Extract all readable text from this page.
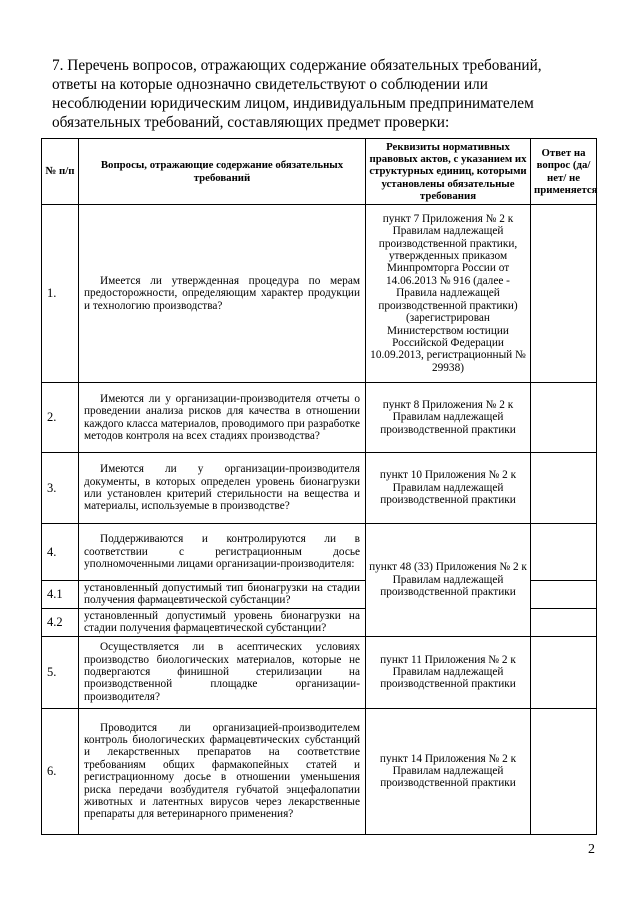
7. Перечень вопросов, отражающих содержание обязательных требований,
ответы на которые однозначно свидетельствуют о соблюдении или
несоблюдении юридическим лицом, индивидуальным предпринимателем
обязательных требований, составляющих предмет проверки:
№ п/п	Вопросы, отражающие содержание обязательных требований	Реквизиты нормативных правовых актов, с указанием их структурных единиц, которыми установлены обязательные требования	Ответ на вопрос (да/нет/ не применяется
1.	Имеется ли утвержденная процедура по мерам предосторожности, определяющим характер продукции и технологию производства?	пункт 7 Приложения № 2 к Правилам надлежащей производственной практики, утвержденных приказом Минпромторга России от 14.06.2013 № 916 (далее - Правила надлежащей производственной практики) (зарегистрирован Министерством юстиции Российской Федерации 10.09.2013, регистрационный № 29938)	
2.	Имеются ли у организации-производителя отчеты о проведении анализа рисков для качества в отношении каждого класса материалов, проводимого при разработке методов контроля на всех стадиях производства?	пункт 8 Приложения № 2 к Правилам надлежащей производственной практики	
3.	Имеются ли у организации-производителя документы, в которых определен уровень бионагрузки или установлен критерий стерильности на вещества и материалы, используемые в производстве?	пункт 10 Приложения № 2 к Правилам надлежащей производственной практики	
4.	Поддерживаются и контролируются ли в соответствии с регистрационным досье уполномоченными лицами организации-производителя:	пункт 48 (33) Приложения № 2 к Правилам надлежащей производственной практики	
4.1	установленный допустимый тип бионагрузки на стадии получения фармацевтической субстанции?		
4.2	установленный допустимый уровень бионагрузки на стадии получения фармацевтической субстанции?		
5.	Осуществляется ли в асептических условиях производство биологических материалов, которые не подвергаются финишной стерилизации на производственной площадке организации-производителя?	пункт 11 Приложения № 2 к Правилам надлежащей производственной практики	
6.	Проводится ли организацией-производителем контроль биологических фармацевтических субстанций и лекарственных препаратов на соответствие требованиям общих фармакопейных статей и регистрационному досье в отношении уменьшения риска передачи возбудителя губчатой энцефалопатии животных и латентных вирусов через лекарственные препараты для ветеринарного применения?	пункт 14 Приложения № 2 к Правилам надлежащей производственной практики	
2
